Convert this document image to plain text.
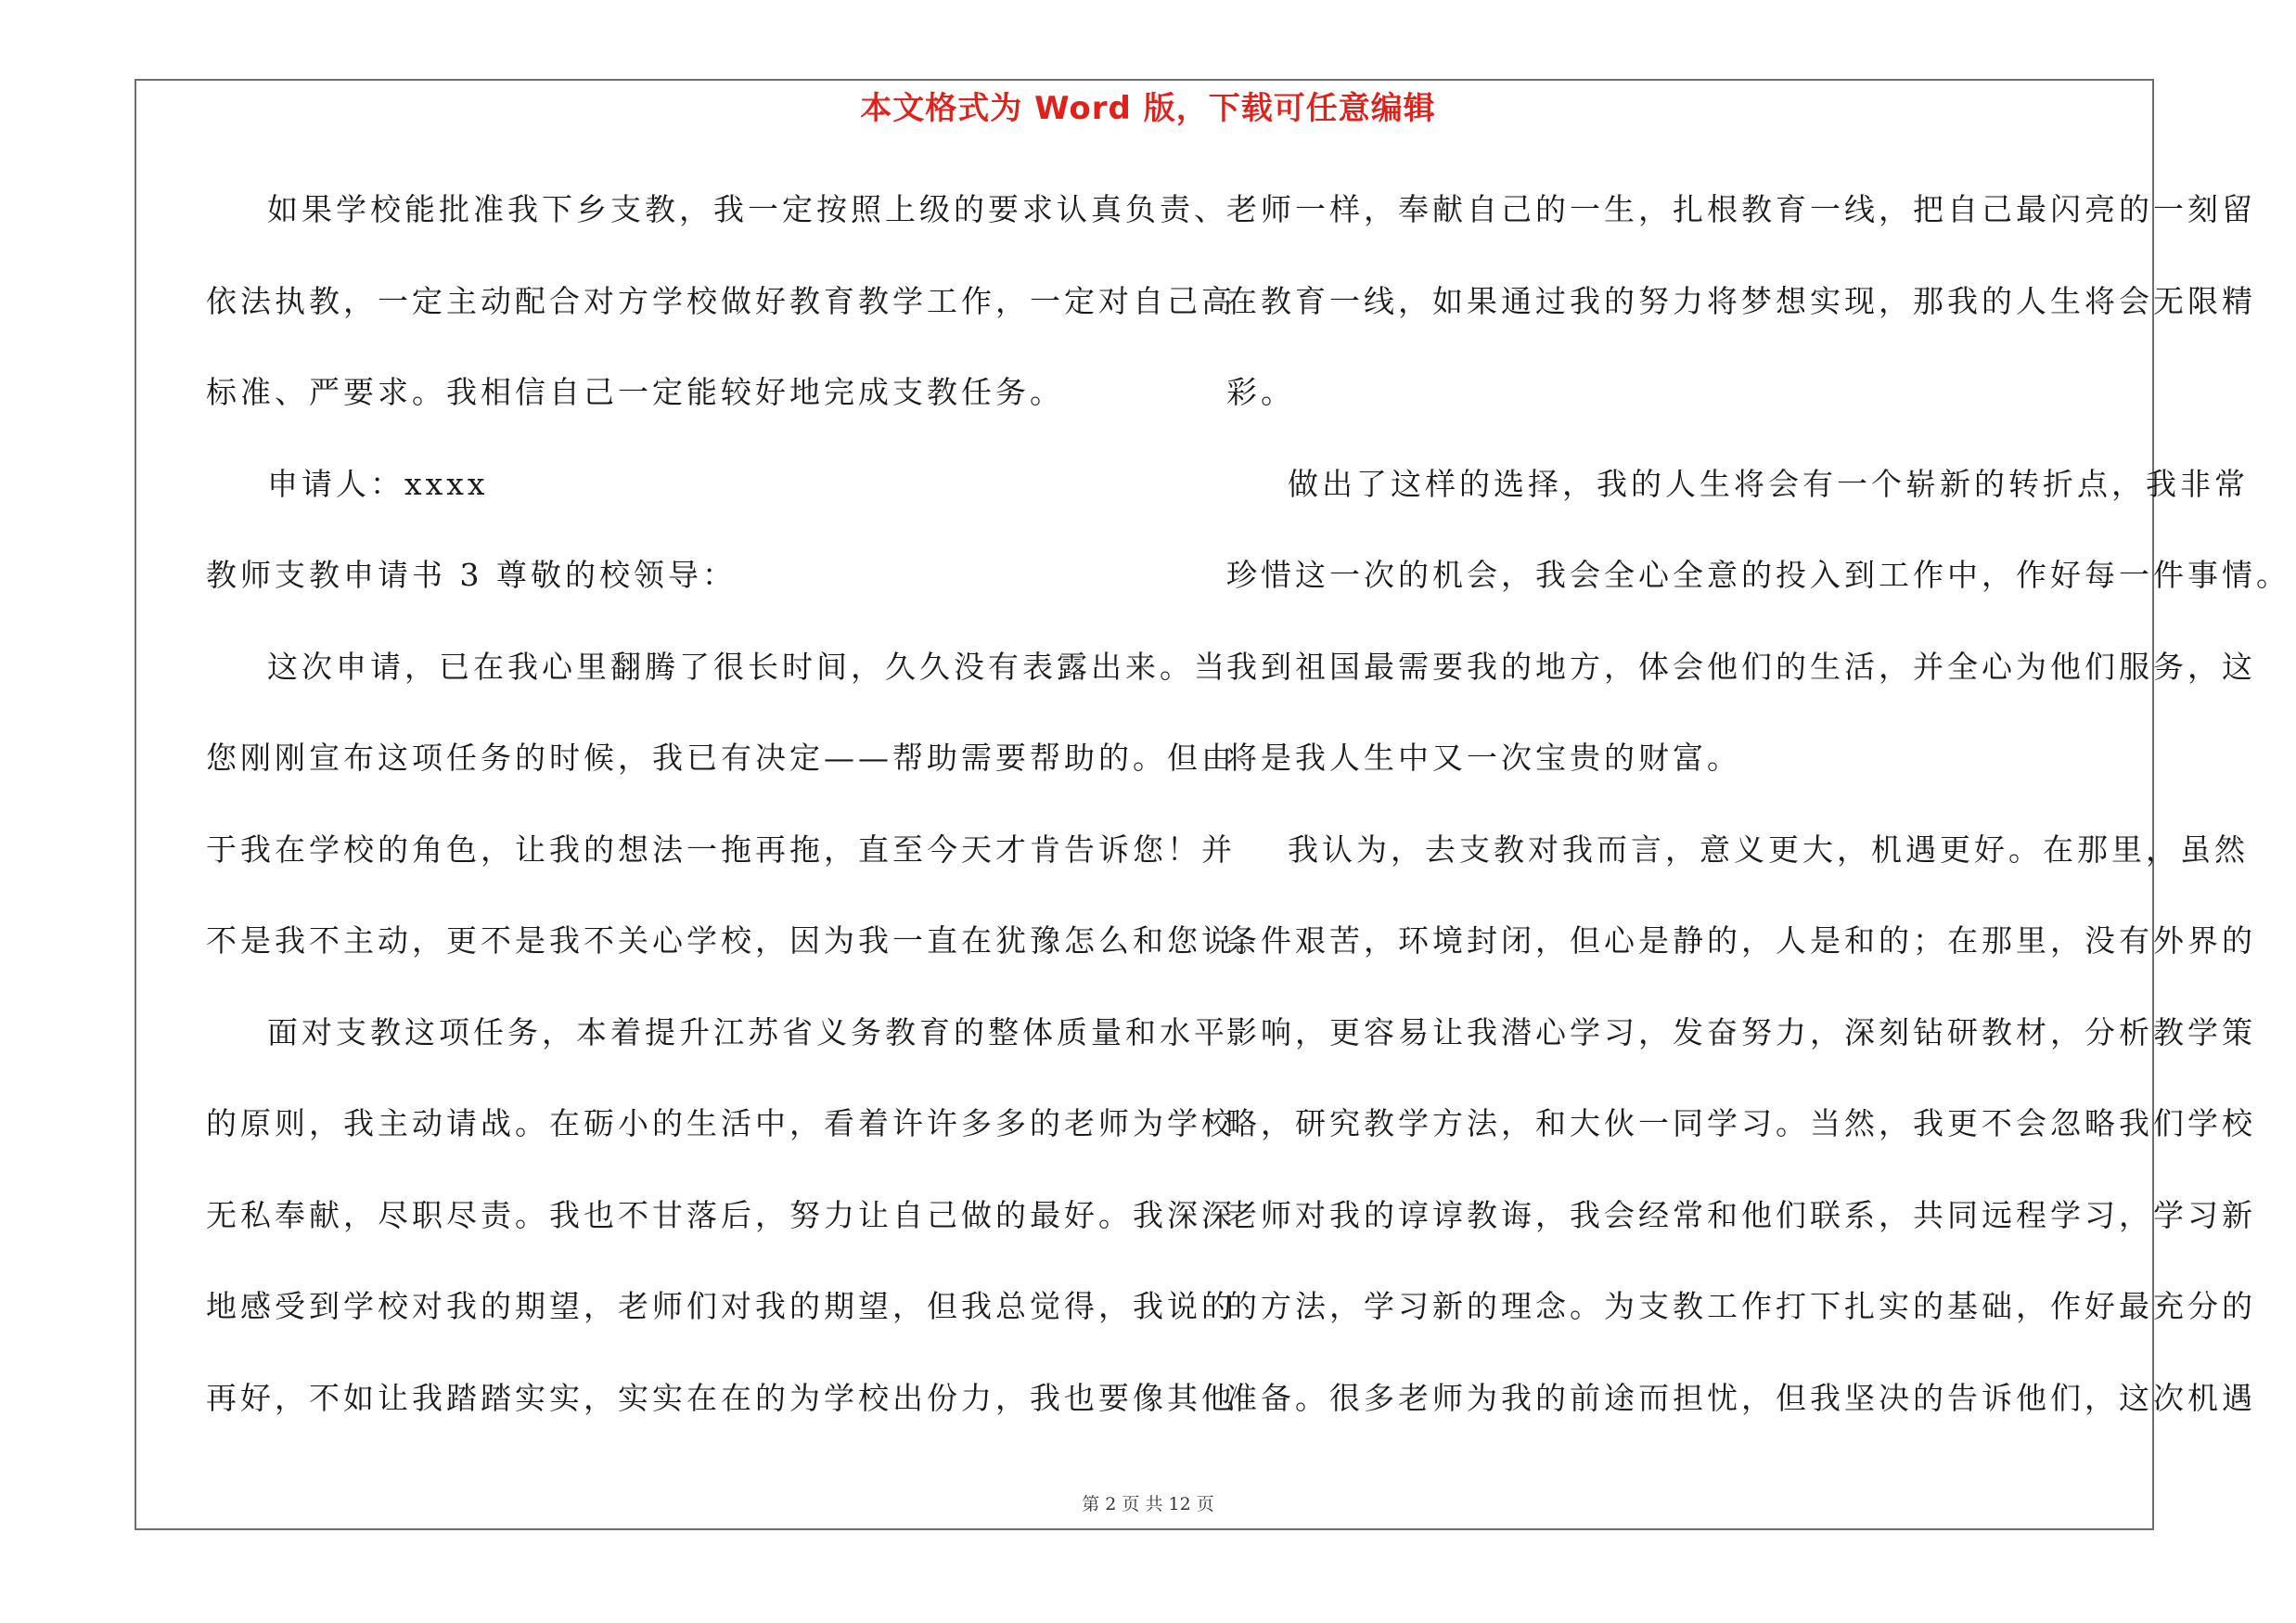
本文格式为 Word 版，下载可任意编辑
如果学校能批准我下乡支教，我一定按照上级的要求认真负责、
依法执教，一定主动配合对方学校做好教育教学工作，一定对自己高
标准、严要求。我相信自己一定能较好地完成支教任务。
申请人：xxxx
教师支教申请书 3 尊敬的校领导：
这次申请，已在我心里翻腾了很长时间，久久没有表露出来。当
您刚刚宣布这项任务的时候，我已有决定——帮助需要帮助的。但由
于我在学校的角色，让我的想法一拖再拖，直至今天才肯告诉您！并
不是我不主动，更不是我不关心学校，因为我一直在犹豫怎么和您说。
面对支教这项任务，本着提升江苏省义务教育的整体质量和水平
的原则，我主动请战。在砺小的生活中，看着许许多多的老师为学校
无私奉献，尽职尽责。我也不甘落后，努力让自己做的最好。我深深
地感受到学校对我的期望，老师们对我的期望，但我总觉得，我说的
再好，不如让我踏踏实实，实实在在的为学校出份力，我也要像其他
老师一样，奉献自己的一生，扎根教育一线，把自己最闪亮的一刻留
在教育一线，如果通过我的努力将梦想实现，那我的人生将会无限精
彩。
做出了这样的选择，我的人生将会有一个崭新的转折点，我非常
珍惜这一次的机会，我会全心全意的投入到工作中，作好每一件事情。
我到祖国最需要我的地方，体会他们的生活，并全心为他们服务，这
将是我人生中又一次宝贵的财富。
我认为，去支教对我而言，意义更大，机遇更好。在那里，虽然
条件艰苦，环境封闭，但心是静的，人是和的；在那里，没有外界的
影响，更容易让我潜心学习，发奋努力，深刻钻研教材，分析教学策
略，研究教学方法，和大伙一同学习。当然，我更不会忽略我们学校
老师对我的谆谆教诲，我会经常和他们联系，共同远程学习，学习新
的方法，学习新的理念。为支教工作打下扎实的基础，作好最充分的
准备。很多老师为我的前途而担忧，但我坚决的告诉他们，这次机遇
第 2 页 共 12 页
